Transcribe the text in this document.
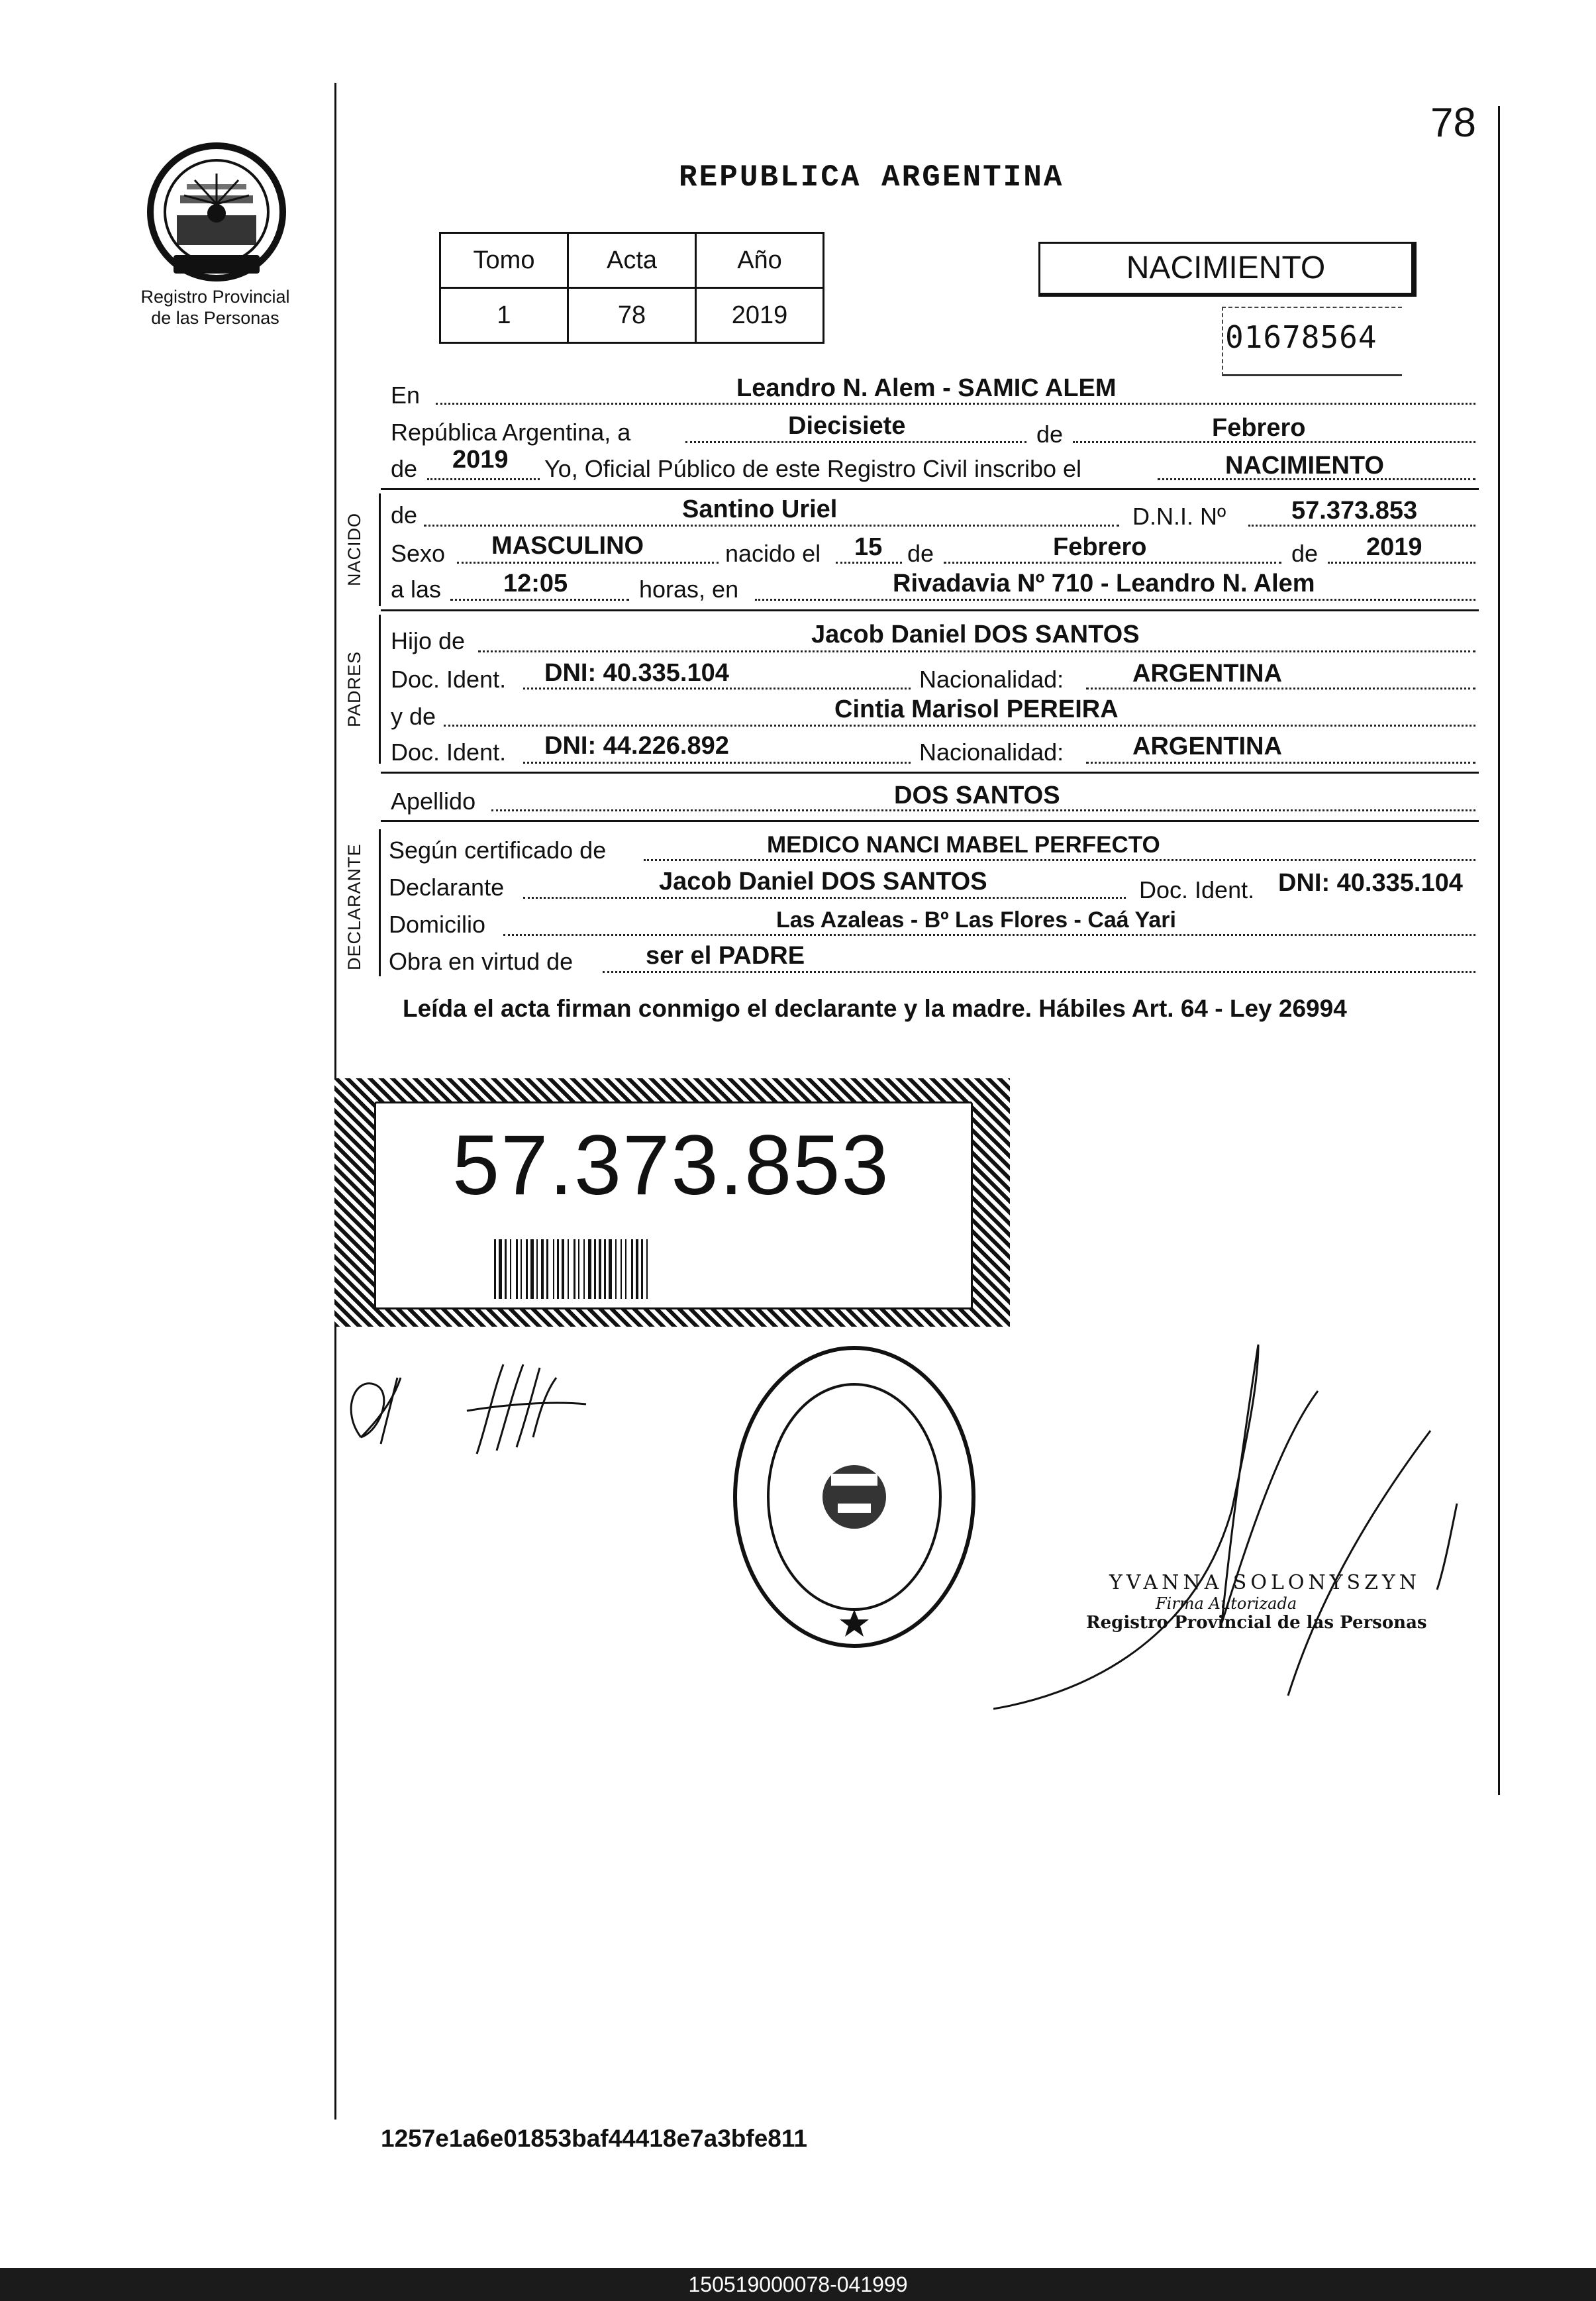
78
REPUBLICA ARGENTINA
Registro Provincial
de las Personas
Tomo	Acta	Año
1	78	2019
NACIMIENTO
01678564
En	Leandro N. Alem - SAMIC ALEM
República Argentina, a	Diecisiete	de	Febrero
de 2019 Yo, Oficial Público de este Registro Civil inscribo el	NACIMIENTO
NACIDO de	Santino Uriel	D.N.I. Nº	57.373.853
Sexo MASCULINO	nacido el 15 de	Febrero	de 2019
a las 12:05	horas, en	Rivadavia Nº 710 - Leandro N. Alem
PADRES
Hijo de	Jacob Daniel DOS SANTOS
Doc. Ident. DNI: 40.335.104	Nacionalidad:	ARGENTINA
y de	Cintia Marisol PEREIRA
Doc. Ident. DNI: 44.226.892	Nacionalidad:	ARGENTINA
Apellido	DOS SANTOS
DECLARANTE Según certificado de	MEDICO NANCI MABEL PERFECTO
Declarante	Jacob Daniel DOS SANTOS	Doc. Ident. DNI: 40.335.104
Domicilio	Las Azaleas - Bº Las Flores - Caá Yari
Obra en virtud de	ser el PADRE
Leída el acta firman conmigo el declarante y la madre. Hábiles Art. 64 - Ley 26994
57.373.853
YVANNA SOLONYSZYN
Firma Autorizada
Registro Provincial de las Personas
1257e1a6e01853baf44418e7a3bfe811
150519000078-041999
